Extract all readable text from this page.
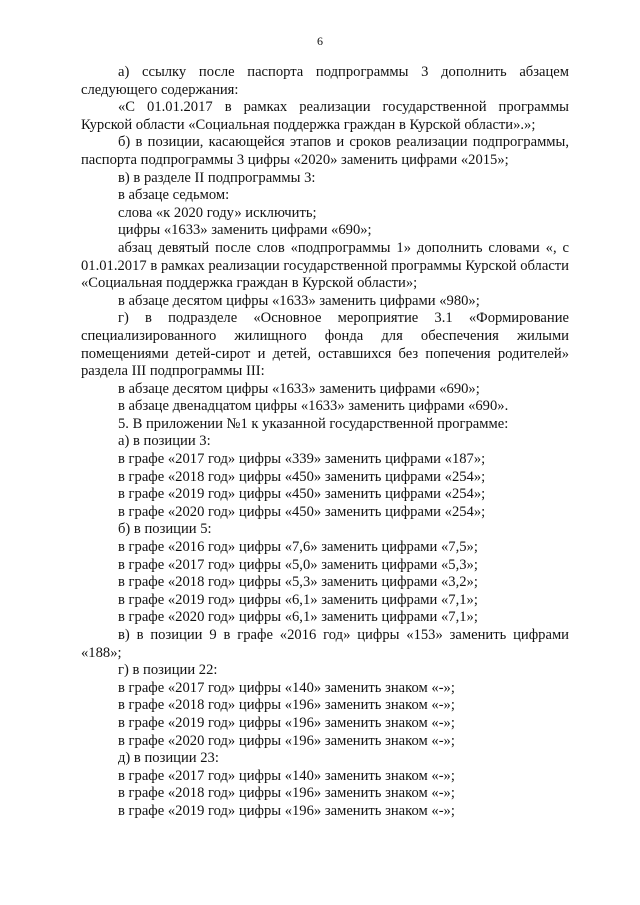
6

а) ссылку после паспорта подпрограммы 3 дополнить абзацем следующего содержания:

«С 01.01.2017 в рамках реализации государственной программы Курской области «Социальная поддержка граждан в Курской области».»;

б) в позиции, касающейся этапов и сроков реализации подпрограммы, паспорта подпрограммы 3 цифры «2020» заменить цифрами «2015»;

в) в разделе II подпрограммы 3:

в абзаце седьмом:

слова «к 2020 году» исключить;

цифры «1633» заменить цифрами «690»;

абзац девятый после слов «подпрограммы 1» дополнить словами «, с 01.01.2017 в рамках реализации государственной программы Курской области «Социальная поддержка граждан в Курской области»;

в абзаце десятом цифры «1633» заменить цифрами «980»;

г) в подразделе «Основное мероприятие 3.1 «Формирование специализированного жилищного фонда для обеспечения жилыми помещениями детей-сирот и детей, оставшихся без попечения родителей» раздела III подпрограммы III:

в абзаце десятом цифры «1633» заменить цифрами «690»;

в абзаце двенадцатом цифры «1633» заменить цифрами «690».

5. В приложении №1 к указанной государственной программе:

а) в позиции 3:

в графе «2017 год» цифры «339» заменить цифрами «187»;

в графе «2018 год» цифры «450» заменить цифрами «254»;

в графе «2019 год» цифры «450» заменить цифрами «254»;

в графе «2020 год» цифры «450» заменить цифрами «254»;

б) в позиции 5:

в графе «2016 год» цифры «7,6» заменить цифрами «7,5»;

в графе «2017 год» цифры «5,0» заменить цифрами «5,3»;

в графе «2018 год» цифры «5,3» заменить цифрами «3,2»;

в графе «2019 год» цифры «6,1» заменить цифрами «7,1»;

в графе «2020 год» цифры «6,1» заменить цифрами «7,1»;

в) в позиции 9 в графе «2016 год» цифры «153» заменить цифрами «188»;

г) в позиции 22:

в графе «2017 год» цифры «140» заменить знаком «-»;

в графе «2018 год» цифры «196» заменить знаком «-»;

в графе «2019 год» цифры «196» заменить знаком «-»;

в графе «2020 год» цифры «196» заменить знаком «-»;

д) в позиции 23:

в графе «2017 год» цифры «140» заменить знаком «-»;

в графе «2018 год» цифры «196» заменить знаком «-»;

в графе «2019 год» цифры «196» заменить знаком «-»;
